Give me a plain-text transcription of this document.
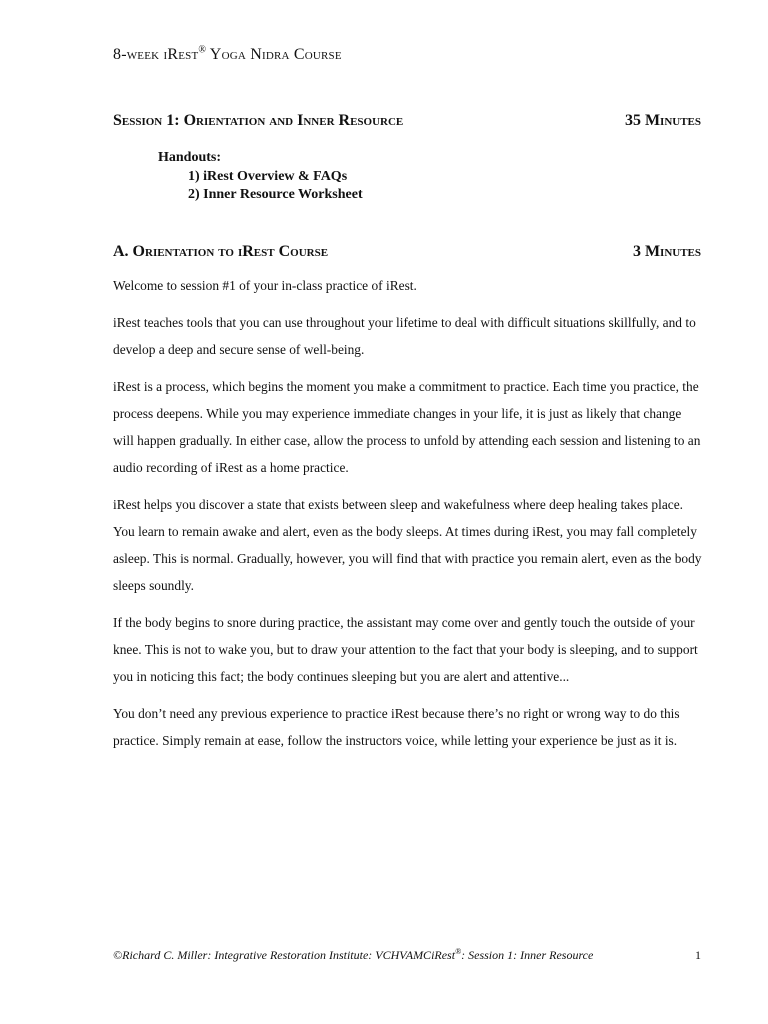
8-week iRest® Yoga Nidra Course
Session 1: Orientation and Inner Resource	35 Minutes
Handouts:
1) iRest Overview & FAQs
2) Inner Resource Worksheet
A. Orientation to iRest Course	3 Minutes

Welcome to session #1 of your in-class practice of iRest.

iRest teaches tools that you can use throughout your lifetime to deal with difficult situations skillfully, and to develop a deep and secure sense of well-being.

iRest is a process, which begins the moment you make a commitment to practice. Each time you practice, the process deepens. While you may experience immediate changes in your life, it is just as likely that change will happen gradually. In either case, allow the process to unfold by attending each session and listening to an audio recording of iRest as a home practice.

iRest helps you discover a state that exists between sleep and wakefulness where deep healing takes place. You learn to remain awake and alert, even as the body sleeps. At times during iRest, you may fall completely asleep. This is normal. Gradually, however, you will find that with practice you remain alert, even as the body sleeps soundly.

If the body begins to snore during practice, the assistant may come over and gently touch the outside of your knee. This is not to wake you, but to draw your attention to the fact that your body is sleeping, and to support you in noticing this fact; the body continues sleeping but you are alert and attentive...

You don’t need any previous experience to practice iRest because there’s no right or wrong way to do this practice. Simply remain at ease, follow the instructors voice, while letting your experience be just as it is.

©Richard C. Miller: Integrative Restoration Institute: VCHVAMCiRest®: Session 1: Inner Resource	1
